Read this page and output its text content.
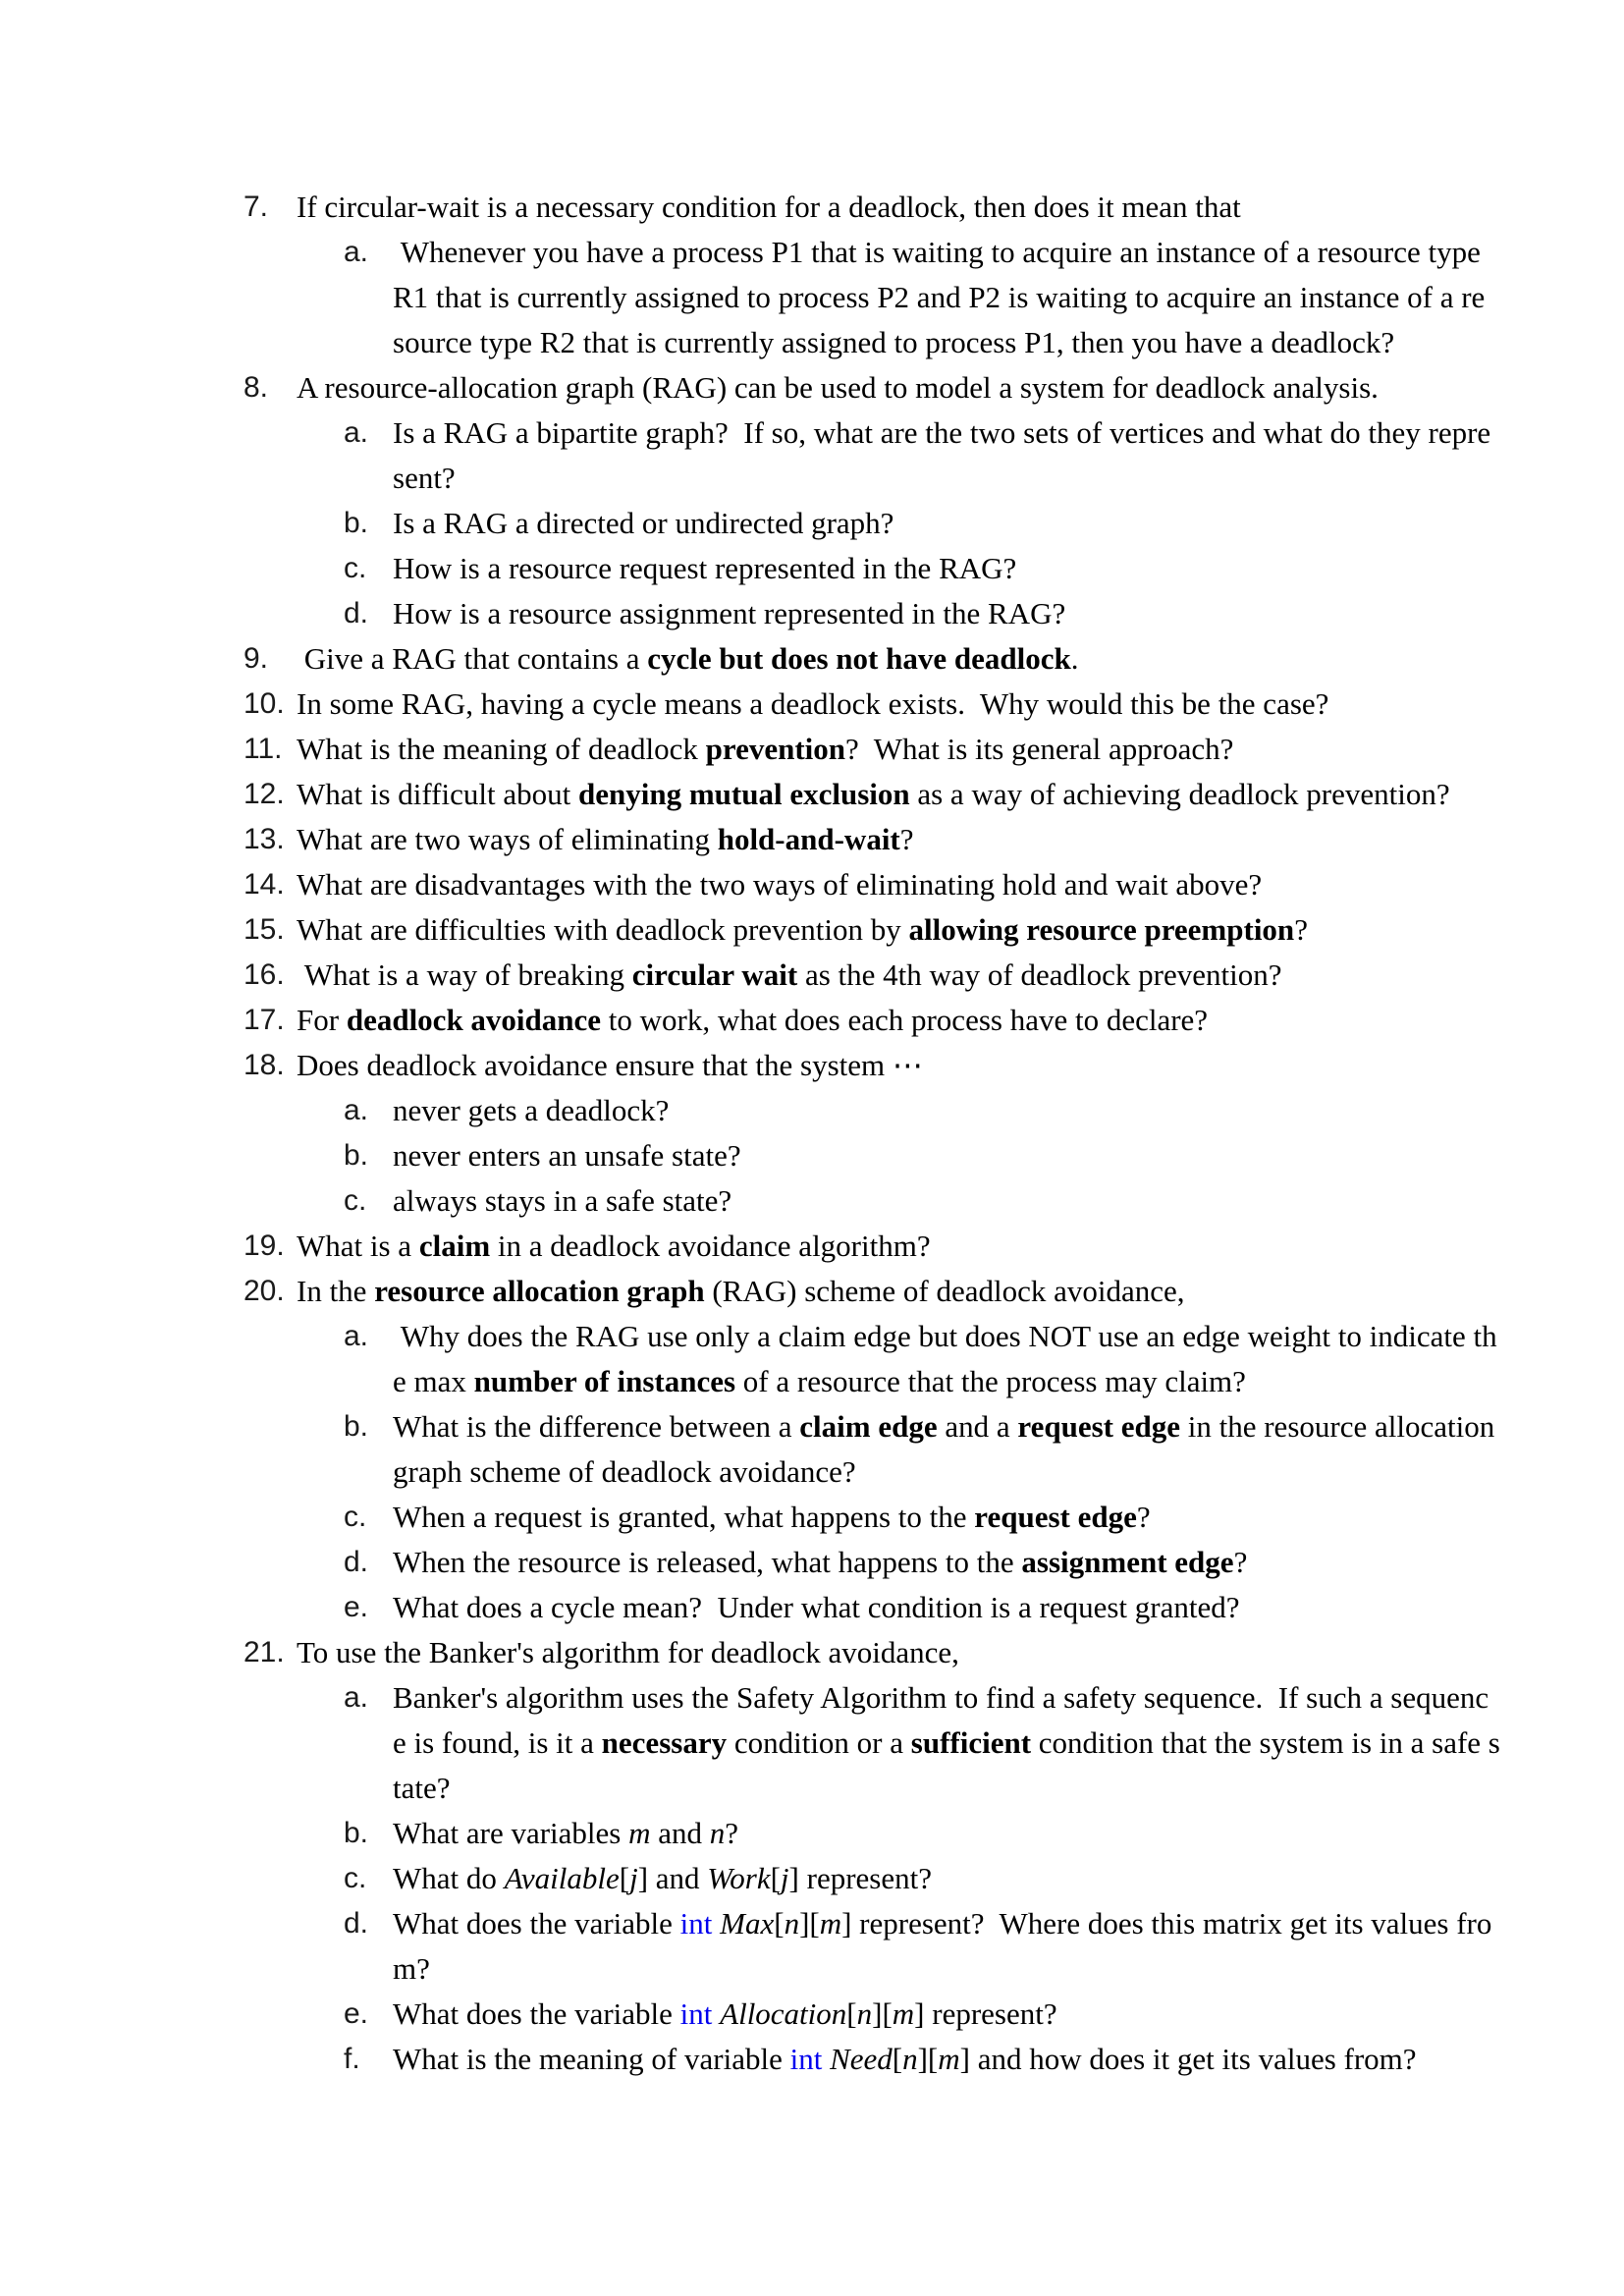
7. If circular-wait is a necessary condition for a deadlock, then does it mean that
a. Whenever you have a process P1 that is waiting to acquire an instance of a resource type
R1 that is currently assigned to process P2 and P2 is waiting to acquire an instance of a re
source type R2 that is currently assigned to process P1, then you have a deadlock?
8. A resource-allocation graph (RAG) can be used to model a system for deadlock analysis.
a. Is a RAG a bipartite graph?  If so, what are the two sets of vertices and what do they repre
sent?
b. Is a RAG a directed or undirected graph?
c. How is a resource request represented in the RAG?
d. How is a resource assignment represented in the RAG?
9. Give a RAG that contains a cycle but does not have deadlock.
10. In some RAG, having a cycle means a deadlock exists.  Why would this be the case?
11. What is the meaning of deadlock prevention?  What is its general approach?
12. What is difficult about denying mutual exclusion as a way of achieving deadlock prevention?
13. What are two ways of eliminating hold-and-wait?
14. What are disadvantages with the two ways of eliminating hold and wait above?
15. What are difficulties with deadlock prevention by allowing resource preemption?
16. What is a way of breaking circular wait as the 4th way of deadlock prevention?
17. For deadlock avoidance to work, what does each process have to declare?
18. Does deadlock avoidance ensure that the system ⋯
a. never gets a deadlock?
b. never enters an unsafe state?
c. always stays in a safe state?
19. What is a claim in a deadlock avoidance algorithm?
20. In the resource allocation graph (RAG) scheme of deadlock avoidance,
a. Why does the RAG use only a claim edge but does NOT use an edge weight to indicate th
e max number of instances of a resource that the process may claim?
b. What is the difference between a claim edge and a request edge in the resource allocation
graph scheme of deadlock avoidance?
c. When a request is granted, what happens to the request edge?
d. When the resource is released, what happens to the assignment edge?
e. What does a cycle mean?  Under what condition is a request granted?
21. To use the Banker's algorithm for deadlock avoidance,
a. Banker's algorithm uses the Safety Algorithm to find a safety sequence.  If such a sequenc
e is found, is it a necessary condition or a sufficient condition that the system is in a safe s
tate?
b. What are variables m and n?
c. What do Available[j] and Work[j] represent?
d. What does the variable int Max[n][m] represent?  Where does this matrix get its values fro
m?
e. What does the variable int Allocation[n][m] represent?
f. What is the meaning of variable int Need[n][m] and how does it get its values from?
